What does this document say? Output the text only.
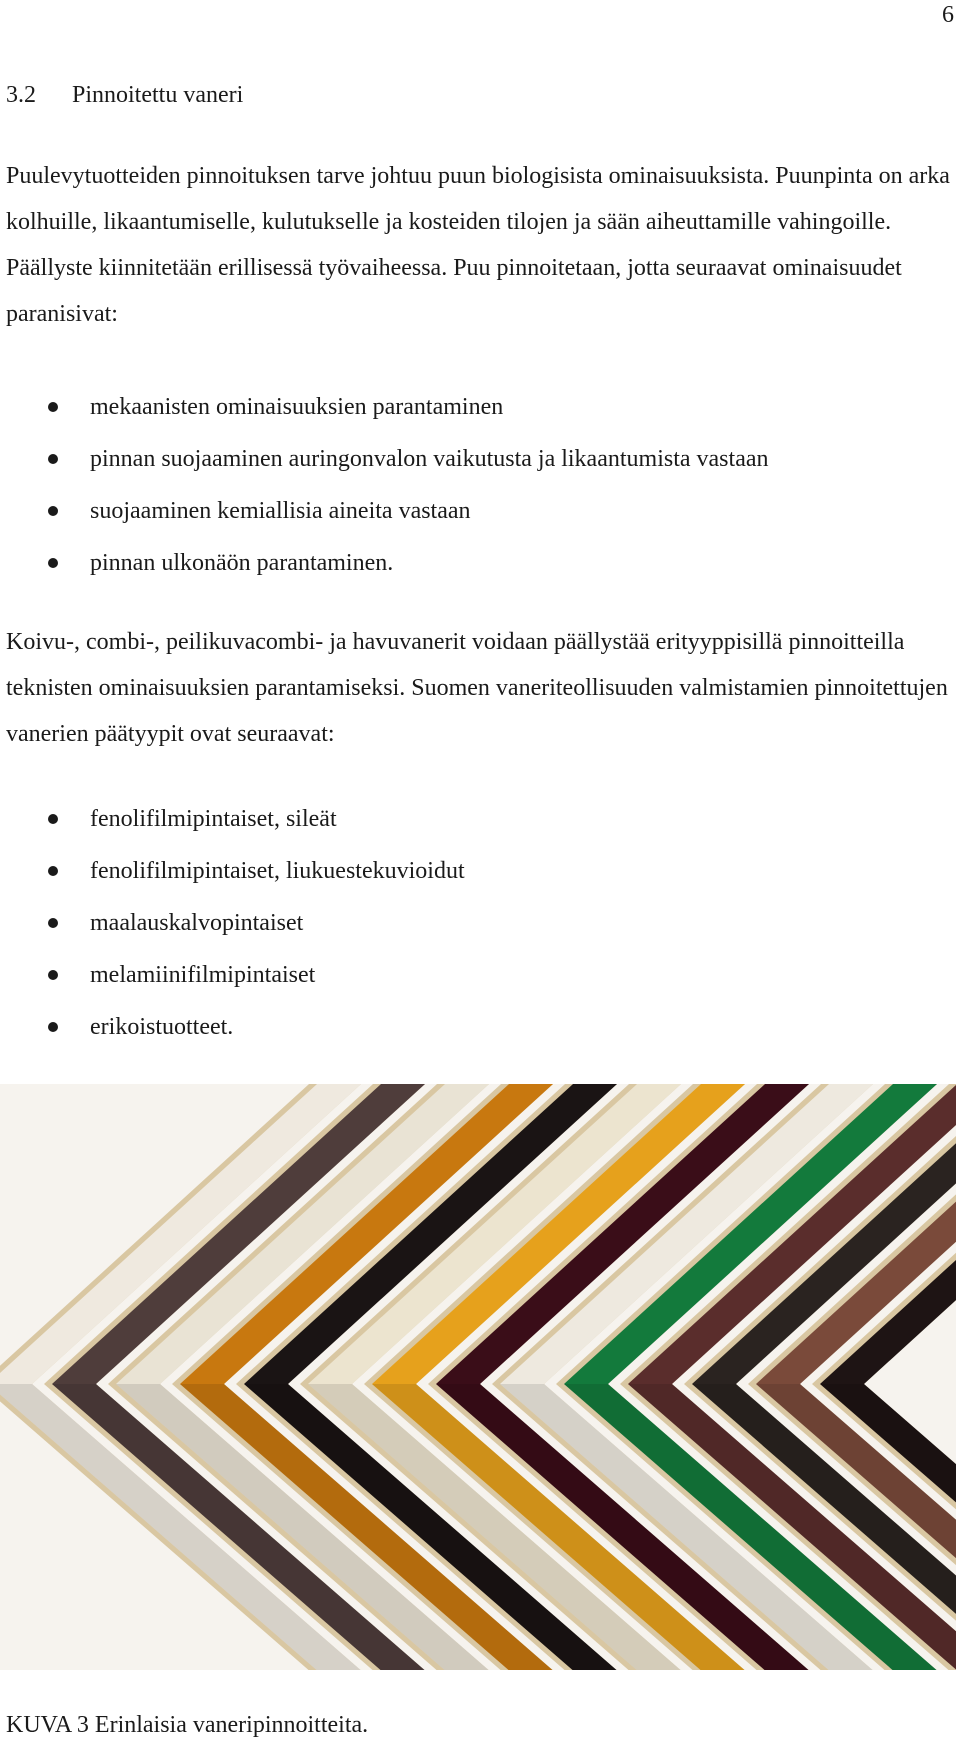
6
3.2 Pinnoitettu vaneri

Puulevytuotteiden pinnoituksen tarve johtuu puun biologisista ominaisuuksista. Puunpinta on arka kolhuille, likaantumiselle, kulutukselle ja kosteiden tilojen ja sään aiheuttamille vahingoille. Päällyste kiinnitetään erillisessä työvaiheessa. Puu pinnoitetaan, jotta seuraavat ominaisuudet paranisivat:

mekaanisten ominaisuuksien parantaminen
pinnan suojaaminen auringonvalon vaikutusta ja likaantumista vastaan
suojaaminen kemiallisia aineita vastaan
pinnan ulkonäön parantaminen.

Koivu-, combi-, peilikuvacombi- ja havuvanerit voidaan päällystää erityyppisillä pinnoitteilla teknisten ominaisuuksien parantamiseksi. Suomen vaneriteollisuuden valmistamien pinnoitettujen vanerien päätyypit ovat seuraavat:

fenolifilmipintaiset, sileät
fenolifilmipintaiset, liukuestekuvioidut
maalauskalvopintaiset
melamiinifilmipintaiset
erikoistuotteet.
KUVA 3 Erinlaisia vaneripinnoitteita.
